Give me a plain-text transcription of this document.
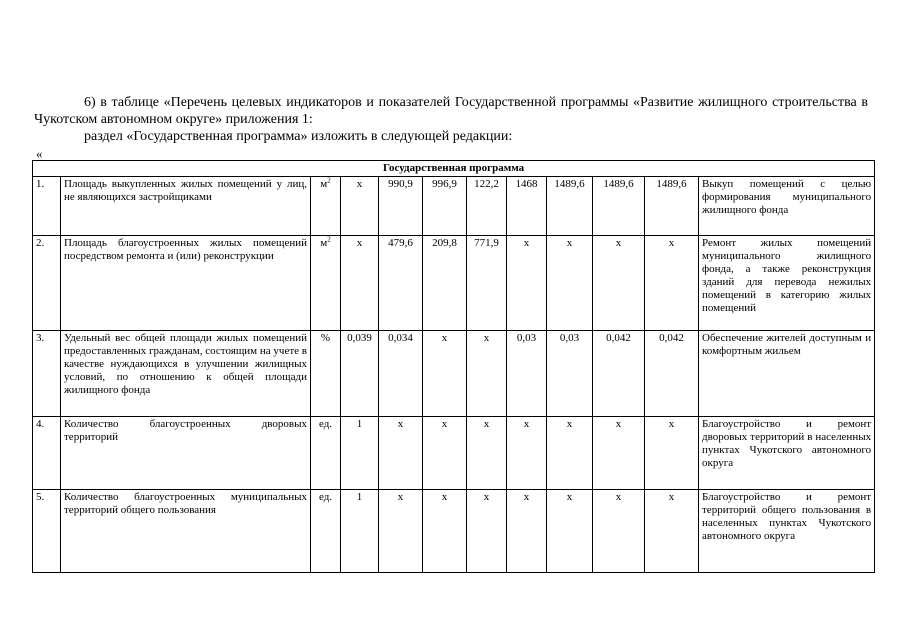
6) в таблице «Перечень целевых индикаторов и показателей Государственной программы «Развитие жилищного строительства в Чукотском автономном округе» приложения 1:

раздел «Государственная программа» изложить в следующей редакции:

«
Государственная программа											
1.	Площадь выкупленных жилых помещений у лиц, не являющихся застройщиками	$м^2$	x	990,9	996,9	122,2	1468	1489,6	1489,6	1489,6	Выкуп помещений с целью формирования муниципального жилищного фонда
2.	Площадь благоустроенных жилых помещений посредством ремонта и (или) реконструкции	$м^2$	x	479,6	209,8	771,9	x	x	x	x	Ремонт жилых помещений муниципального жилищного фонда, а также реконструкция зданий для перевода нежилых помещений в категорию жилых помещений
3.	Удельный вес общей площади жилых помещений предоставленных гражданам, состоящим на учете в качестве нуждающихся в улучшении жилищных условий, по отношению к общей площади жилищного фонда	%	0,039	0,034	x	x	0,03	0,03	0,042	0,042	Обеспечение жителей доступным и комфортным жильем
4.	Количество благоустроенных дворовых территорий	ед.	1	x	x	x	x	x	x	x	Благоустройство и ремонт дворовых территорий в населенных пунктах Чукотского автономного округа
5.	Количество благоустроенных муниципальных территорий общего пользования	ед.	1	x	x	x	x	x	x	x	Благоустройство и ремонт территорий общего пользования в населенных пунктах Чукотского автономного округа
